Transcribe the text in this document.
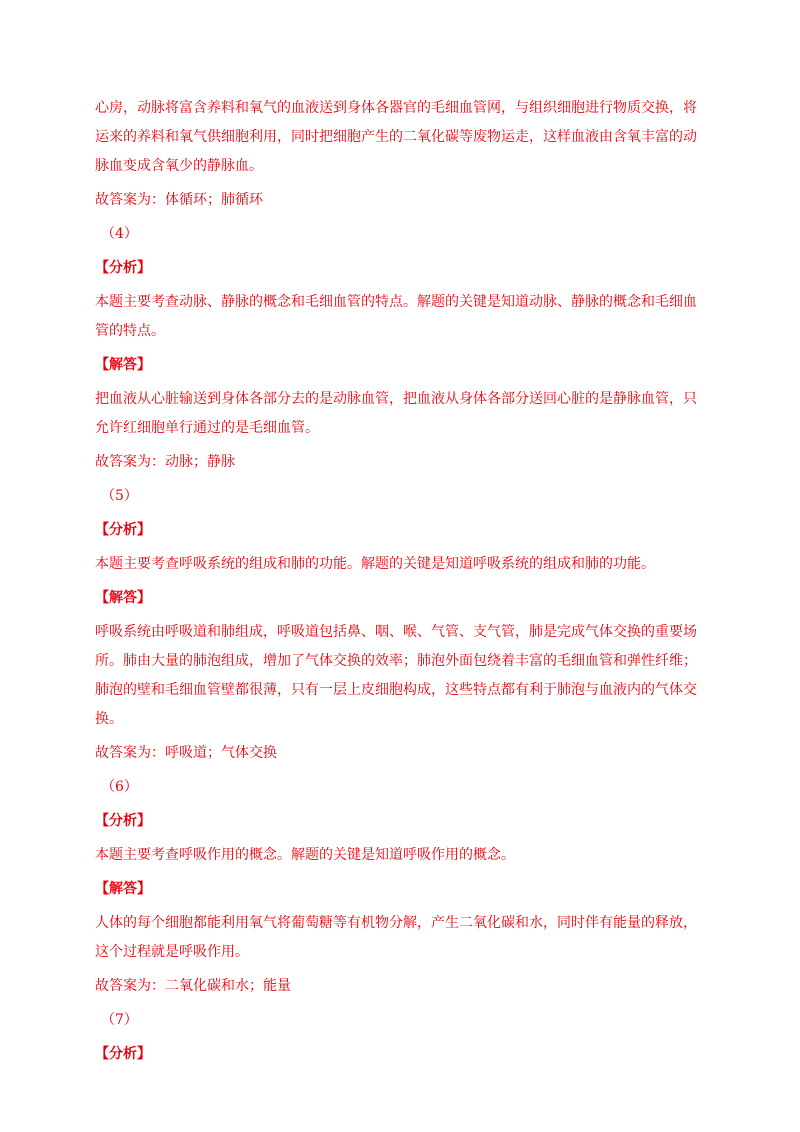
心房，动脉将富含养料和氧气的血液送到身体各器官的毛细血管网，与组织细胞进行物质交换，将
运来的养料和氧气供细胞利用，同时把细胞产生的二氧化碳等废物运走，这样血液由含氧丰富的动
脉血变成含氧少的静脉血。
故答案为：体循环；肺循环
（4）
【分析】
本题主要考查动脉、静脉的概念和毛细血管的特点。解题的关键是知道动脉、静脉的概念和毛细血
管的特点。
【解答】
把血液从心脏输送到身体各部分去的是动脉血管，把血液从身体各部分送回心脏的是静脉血管，只
允许红细胞单行通过的是毛细血管。
故答案为：动脉；静脉
（5）
【分析】
本题主要考查呼吸系统的组成和肺的功能。解题的关键是知道呼吸系统的组成和肺的功能。
【解答】
呼吸系统由呼吸道和肺组成，呼吸道包括鼻、咽、喉、气管、支气管，肺是完成气体交换的重要场
所。肺由大量的肺泡组成，增加了气体交换的效率；肺泡外面包绕着丰富的毛细血管和弹性纤维；
肺泡的壁和毛细血管壁都很薄，只有一层上皮细胞构成，这些特点都有利于肺泡与血液内的气体交
换。
故答案为：呼吸道；气体交换
（6）
【分析】
本题主要考查呼吸作用的概念。解题的关键是知道呼吸作用的概念。
【解答】
人体的每个细胞都能利用氧气将葡萄糖等有机物分解，产生二氧化碳和水，同时伴有能量的释放，
这个过程就是呼吸作用。
故答案为：二氧化碳和水；能量
（7）
【分析】
